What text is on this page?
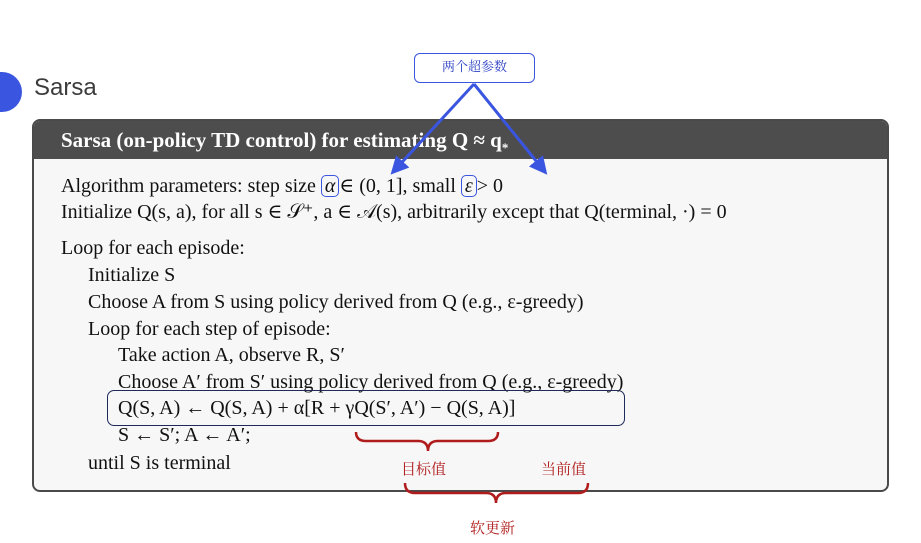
Sarsa
Sarsa (on-policy TD control) for estimating $Q \approx q_*$
Algorithm parameters: step size α ∈ (0, 1], small ε > 0
Initialize Q(s, a), for all s ∈ 𝒮⁺, a ∈ 𝒜(s), arbitrarily except that Q(terminal, ·) = 0
Loop for each episode:
Initialize S
Choose A from S using policy derived from Q (e.g., ε-greedy)
Loop for each step of episode:
Take action A, observe R, S′
Choose A′ from S′ using policy derived from Q (e.g., ε-greedy)
Q(S, A) ← Q(S, A) + α[R + γQ(S′, A′) − Q(S, A)]
S ← S′; A ← A′;
until S is terminal
两个超参数
目标值	当前值
软更新
